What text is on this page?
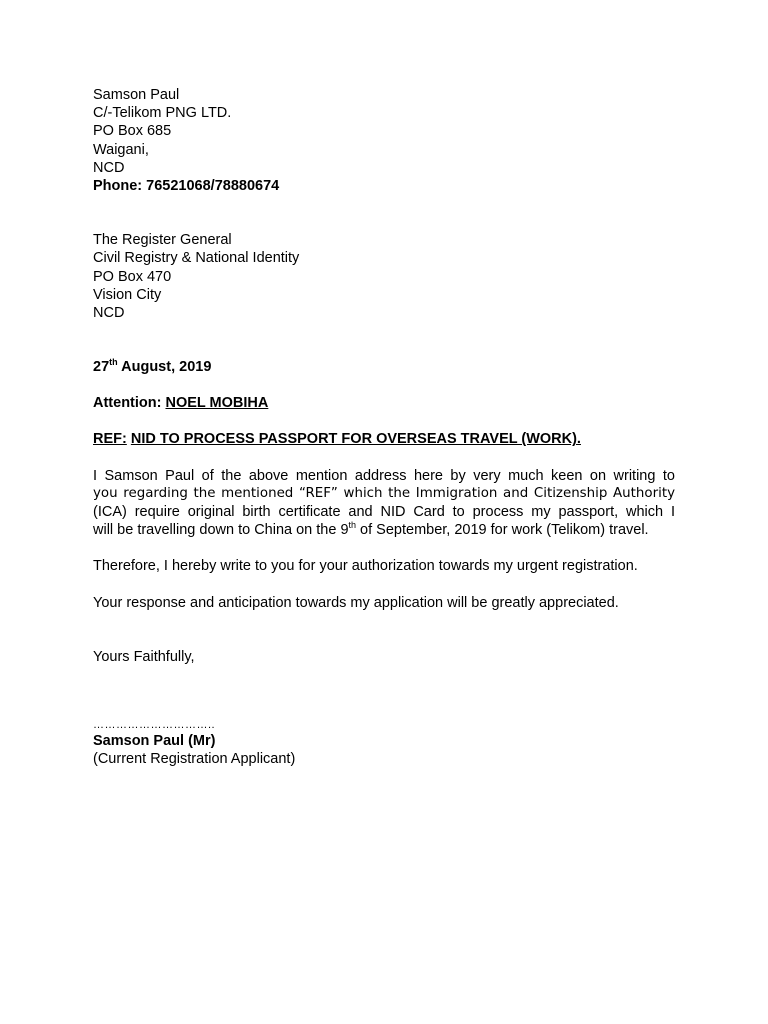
Samson Paul
C/-Telikom PNG LTD.
PO Box 685
Waigani,
NCD
Phone: 76521068/78880674
The Register General
Civil Registry & National Identity
PO Box 470
Vision City
NCD
27th August, 2019
Attention: NOEL MOBIHA
REF: NID TO PROCESS PASSPORT FOR OVERSEAS TRAVEL (WORK).
I Samson Paul of the above mention address here by very much keen on writing to
you regarding the mentioned “REF” which the Immigration and Citizenship Authority
(ICA) require original birth certificate and NID Card to process my passport, which I
will be travelling down to China on the 9th of September, 2019 for work (Telikom) travel.
Therefore, I hereby write to you for your authorization towards my urgent registration.
Your response and anticipation towards my application will be greatly appreciated.
Yours Faithfully,
…………………………..
Samson Paul (Mr)
(Current Registration Applicant)
